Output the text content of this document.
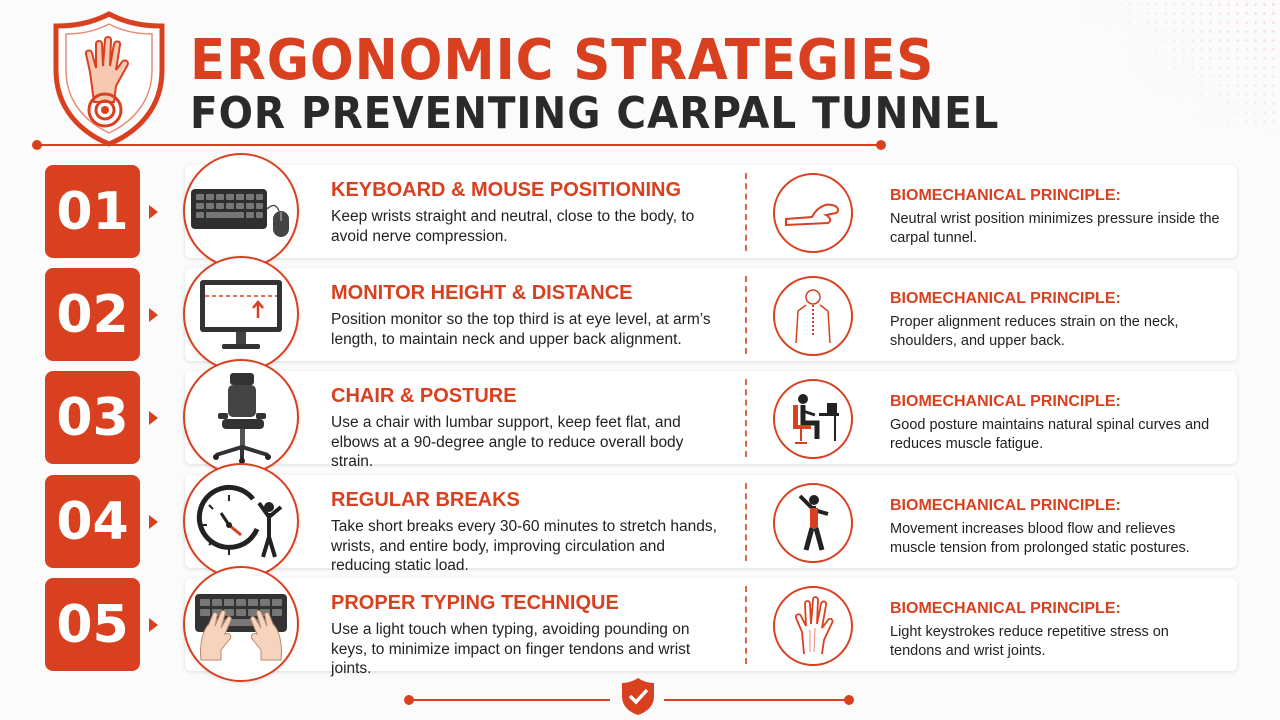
ERGONOMIC STRATEGIES
FOR PREVENTING CARPAL TUNNEL
01	KEYBOARD & MOUSE POSITIONING
Keep wrists straight and neutral, close to the body, to avoid nerve compression.
BIOMECHANICAL PRINCIPLE:
Neutral wrist position minimizes pressure inside the carpal tunnel.
02	MONITOR HEIGHT & DISTANCE
Position monitor so the top third is at eye level, at arm’s length, to maintain neck and upper back alignment.
BIOMECHANICAL PRINCIPLE:
Proper alignment reduces strain on the neck, shoulders, and upper back.
03	CHAIR & POSTURE
Use a chair with lumbar support, keep feet flat, and elbows at a 90-degree angle to reduce overall body strain.
BIOMECHANICAL PRINCIPLE:
Good posture maintains natural spinal curves and reduces muscle fatigue.
04	REGULAR BREAKS
Take short breaks every 30-60 minutes to stretch hands, wrists, and entire body, improving circulation and reducing static load.
BIOMECHANICAL PRINCIPLE:
Movement increases blood flow and relieves muscle tension from prolonged static postures.
05	PROPER TYPING TECHNIQUE
Use a light touch when typing, avoiding pounding on keys, to minimize impact on finger tendons and wrist joints.
BIOMECHANICAL PRINCIPLE:
Light keystrokes reduce repetitive stress on tendons and wrist joints.
